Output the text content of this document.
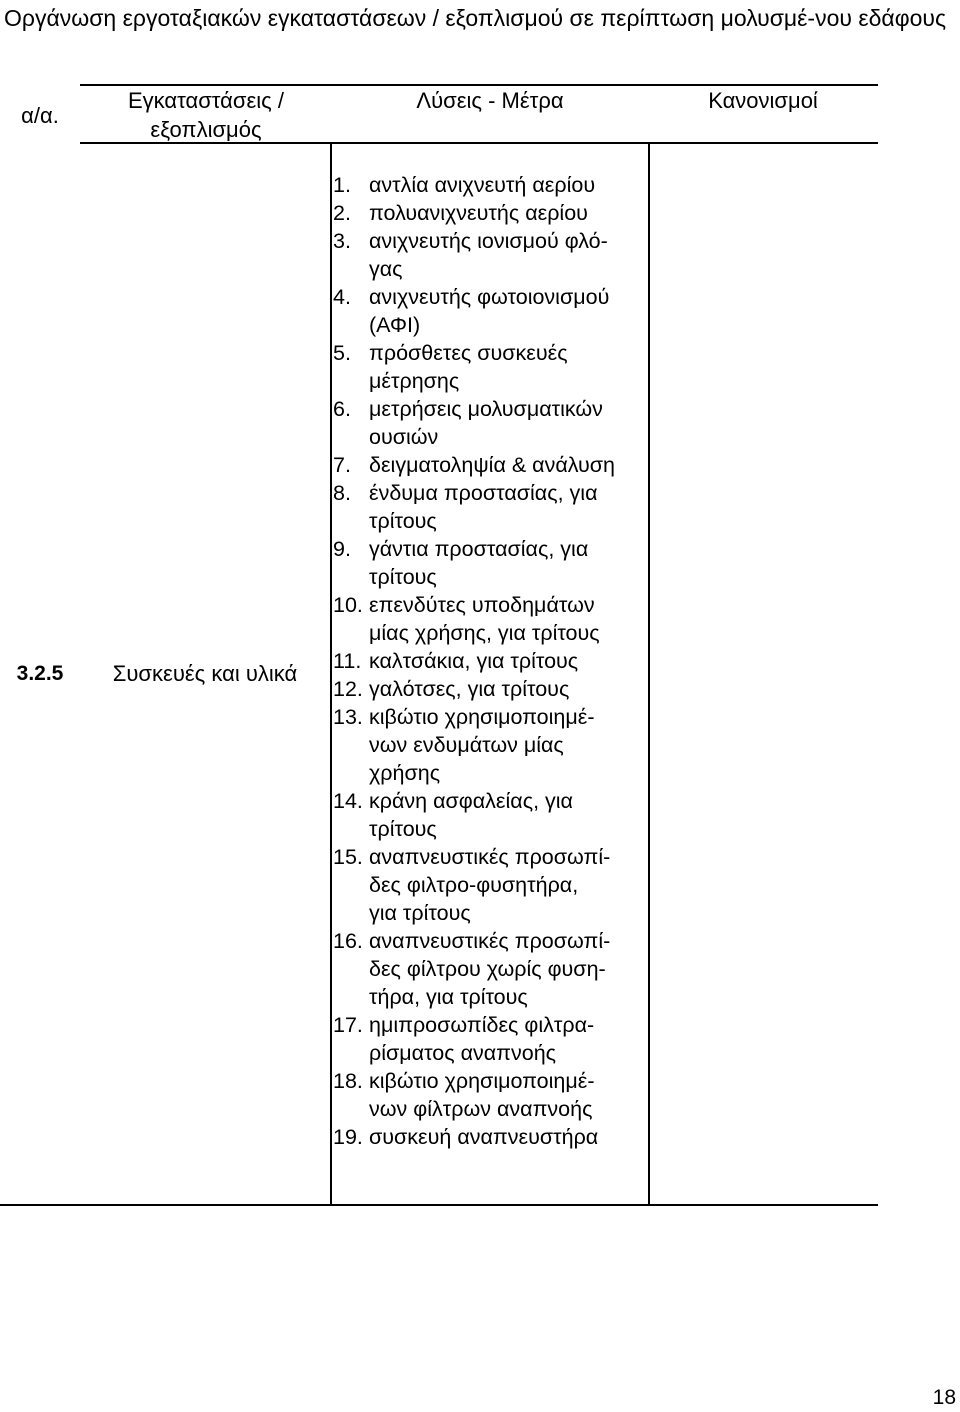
Οργάνωση εργοταξιακών εγκαταστάσεων / εξοπλισμού σε περίπτωση μολυσμέ-νου εδάφους
α/α.
Εγκαταστάσεις / εξοπλισμός
Λύσεις - Μέτρα	Κανονισμοί
3.2.5	Συσκευές και υλικά
1. αντλία ανιχνευτή αερίου
2. πολυανιχνευτής αερίου
3. ανιχνευτής ιονισμού φλό-
γας
4. ανιχνευτής φωτοιονισμού
(ΑΦΙ)
5. πρόσθετες συσκευές
μέτρησης
6. μετρήσεις μολυσματικών
ουσιών
7. δειγματοληψία & ανάλυση
8. ένδυμα προστασίας, για
τρίτους
9. γάντια προστασίας, για
τρίτους
10. επενδύτες υποδημάτων
μίας χρήσης, για τρίτους
11. καλτσάκια, για τρίτους
12. γαλότσες, για τρίτους
13. κιβώτιο χρησιμοποιημέ-
νων ενδυμάτων μίας
χρήσης
14. κράνη ασφαλείας, για
τρίτους
15. αναπνευστικές προσωπί-
δες φιλτρο-φυσητήρα,
για τρίτους
16. αναπνευστικές προσωπί-
δες φίλτρου χωρίς φυση-
τήρα, για τρίτους
17. ημιπροσωπίδες φιλτρα-
ρίσματος αναπνοής
18. κιβώτιο χρησιμοποιημέ-
νων φίλτρων αναπνοής
19. συσκευή αναπνευστήρα
18
